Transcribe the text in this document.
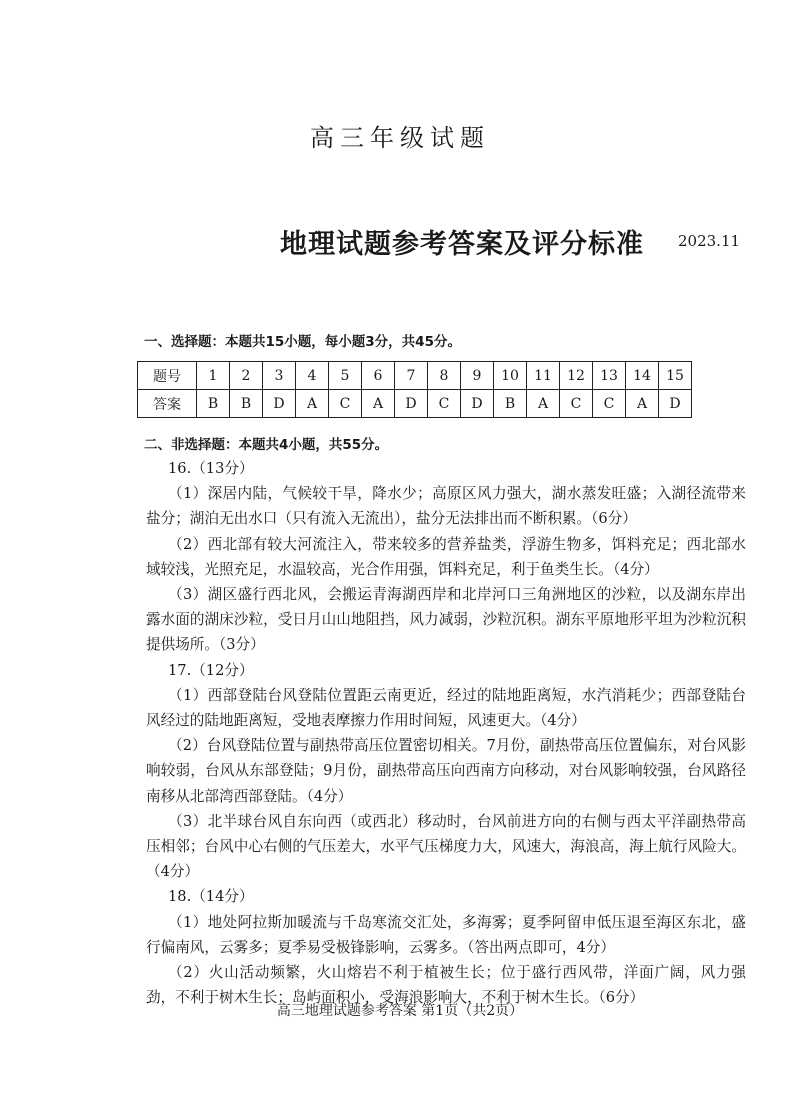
高三年级试题
地理试题参考答案及评分标准 2023.11
一、选择题：本题共15小题，每小题3分，共45分。
题号	1	2	3	4	5	6	7	8	9	10	11	12	13	14	15
答案	B	B	D	A	C	A	D	C	D	B	A	C	C	A	D
二、非选择题：本题共4小题，共55分。
16.（13分）
（1）深居内陆，气候较干旱，降水少；高原区风力强大，湖水蒸发旺盛；入湖径流带来盐分；湖泊无出水口（只有流入无流出），盐分无法排出而不断积累。（6分）
（2）西北部有较大河流注入，带来较多的营养盐类，浮游生物多，饵料充足；西北部水域较浅，光照充足，水温较高，光合作用强，饵料充足，利于鱼类生长。（4分）
（3）湖区盛行西北风，会搬运青海湖西岸和北岸河口三角洲地区的沙粒，以及湖东岸出露水面的湖床沙粒，受日月山山地阻挡，风力减弱，沙粒沉积。湖东平原地形平坦为沙粒沉积提供场所。（3分）
17.（12分）
（1）西部登陆台风登陆位置距云南更近，经过的陆地距离短，水汽消耗少；西部登陆台风经过的陆地距离短，受地表摩擦力作用时间短，风速更大。（4分）
（2）台风登陆位置与副热带高压位置密切相关。7月份，副热带高压位置偏东，对台风影响较弱，台风从东部登陆；9月份，副热带高压向西南方向移动，对台风影响较强，台风路径南移从北部湾西部登陆。（4分）
（3）北半球台风自东向西（或西北）移动时，台风前进方向的右侧与西太平洋副热带高压相邻；台风中心右侧的气压差大，水平气压梯度力大，风速大，海浪高，海上航行风险大。（4分）
18.（14分）
（1）地处阿拉斯加暖流与千岛寒流交汇处，多海雾；夏季阿留申低压退至海区东北，盛行偏南风，云雾多；夏季易受极锋影响，云雾多。（答出两点即可，4分）
（2）火山活动频繁，火山熔岩不利于植被生长；位于盛行西风带，洋面广阔，风力强劲，不利于树木生长；岛屿面积小，受海浪影响大，不利于树木生长。（6分）
高三地理试题参考答案 第1页（共2页）
